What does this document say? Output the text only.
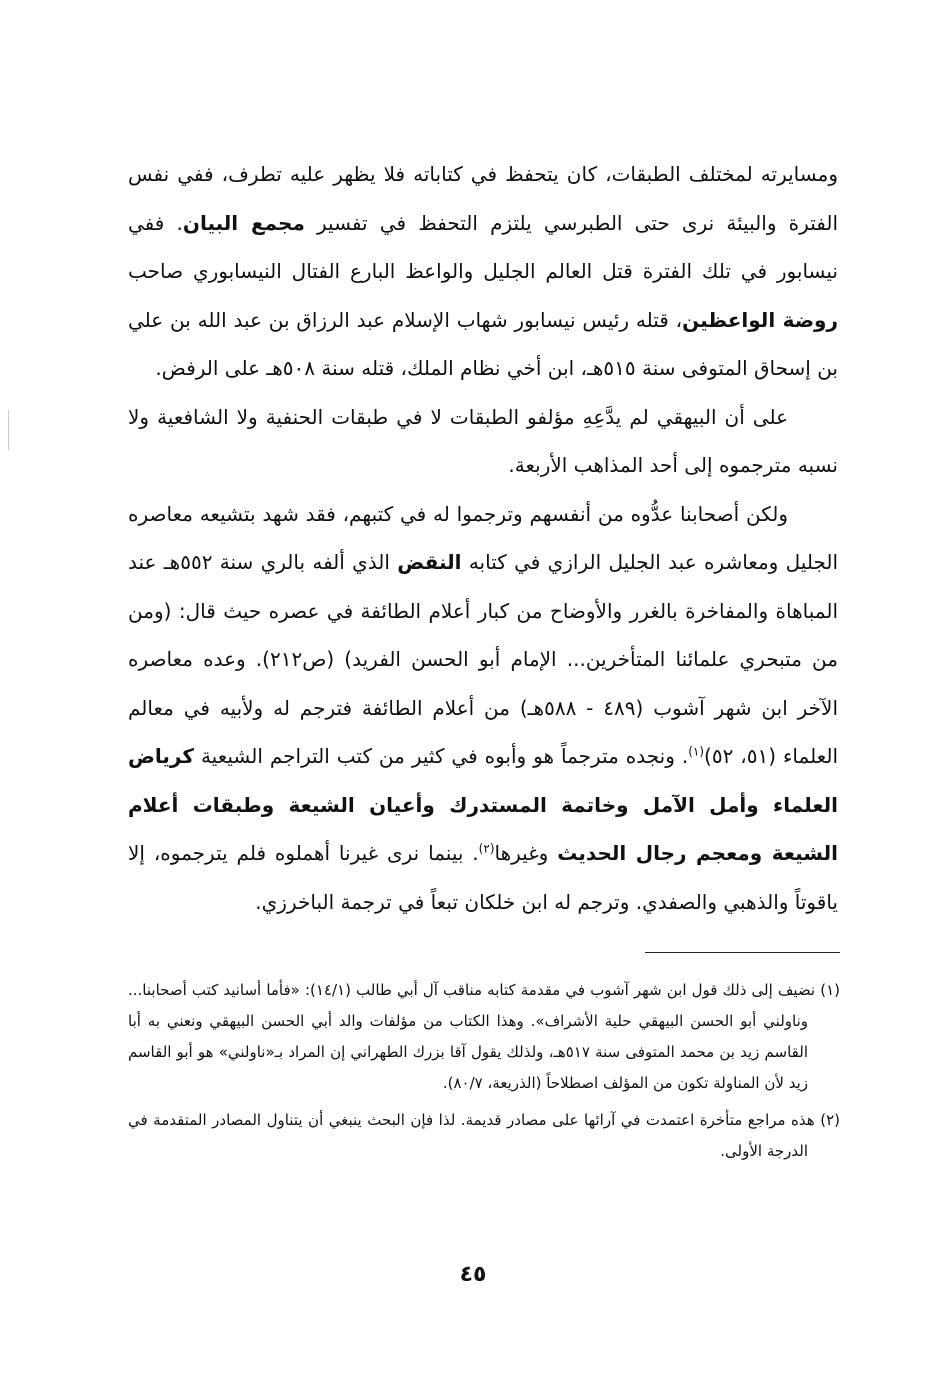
ومسايرته لمختلف الطبقات، كان يتحفظ في كتاباته فلا يظهر عليه تطرف، ففي نفس الفترة والبيئة نرى حتى الطبرسي يلتزم التحفظ في تفسير مجمع البيان. ففي نيسابور في تلك الفترة قتل العالم الجليل والواعظ البارع الفتال النيسابوري صاحب روضة الواعظين، قتله رئيس نيسابور شهاب الإسلام عبد الرزاق بن عبد الله بن علي بن إسحاق المتوفى سنة ٥١٥هـ، ابن أخي نظام الملك، قتله سنة ٥٠٨هـ على الرفض.

على أن البيهقي لم يدَّعِهِ مؤلفو الطبقات لا في طبقات الحنفية ولا الشافعية ولا نسبه مترجموه إلى أحد المذاهب الأربعة.

ولكن أصحابنا عدُّوه من أنفسهم وترجموا له في كتبهم، فقد شهد بتشيعه معاصره الجليل ومعاشره عبد الجليل الرازي في كتابه النقض الذي ألفه بالري سنة ٥٥٢هـ عند المباهاة والمفاخرة بالغرر والأوضاح من كبار أعلام الطائفة في عصره حيث قال: (ومن من متبحري علمائنا المتأخرين... الإمام أبو الحسن الفريد) (ص٢١٢). وعده معاصره الآخر ابن شهر آشوب (٤٨٩ - ٥٨٨هـ) من أعلام الطائفة فترجم له ولأبيه في معالم العلماء (٥١، ٥٢)$^{(١)}$. ونجده مترجماً هو وأبوه في كثير من كتب التراجم الشيعية كرياض العلماء وأمل الآمل وخاتمة المستدرك وأعيان الشيعة وطبقات أعلام الشيعة ومعجم رجال الحديث وغيرها$^{(٢)}$. بينما نرى غيرنا أهملوه فلم يترجموه، إلا ياقوتاً والذهبي والصفدي. وترجم له ابن خلكان تبعاً في ترجمة الباخرزي.

(١) نضيف إلى ذلك قول ابن شهر آشوب في مقدمة كتابه مناقب آل أبي طالب (١٤/١): «فأما أسانيد كتب أصحابنا... وناولني أبو الحسن البيهقي حلية الأشراف». وهذا الكتاب من مؤلفات والد أبي الحسن البيهقي ونعني به أبا القاسم زيد بن محمد المتوفى سنة ٥١٧هـ، ولذلك يقول آقا بزرك الطهراني إن المراد بـ«ناولني» هو أبو القاسم زيد لأن المناولة تكون من المؤلف اصطلاحاً (الذريعة، ٨٠/٧).

(٢) هذه مراجع متأخرة اعتمدت في آرائها على مصادر قديمة. لذا فإن البحث ينبغي أن يتناول المصادر المتقدمة في الدرجة الأولى.

٤٥
